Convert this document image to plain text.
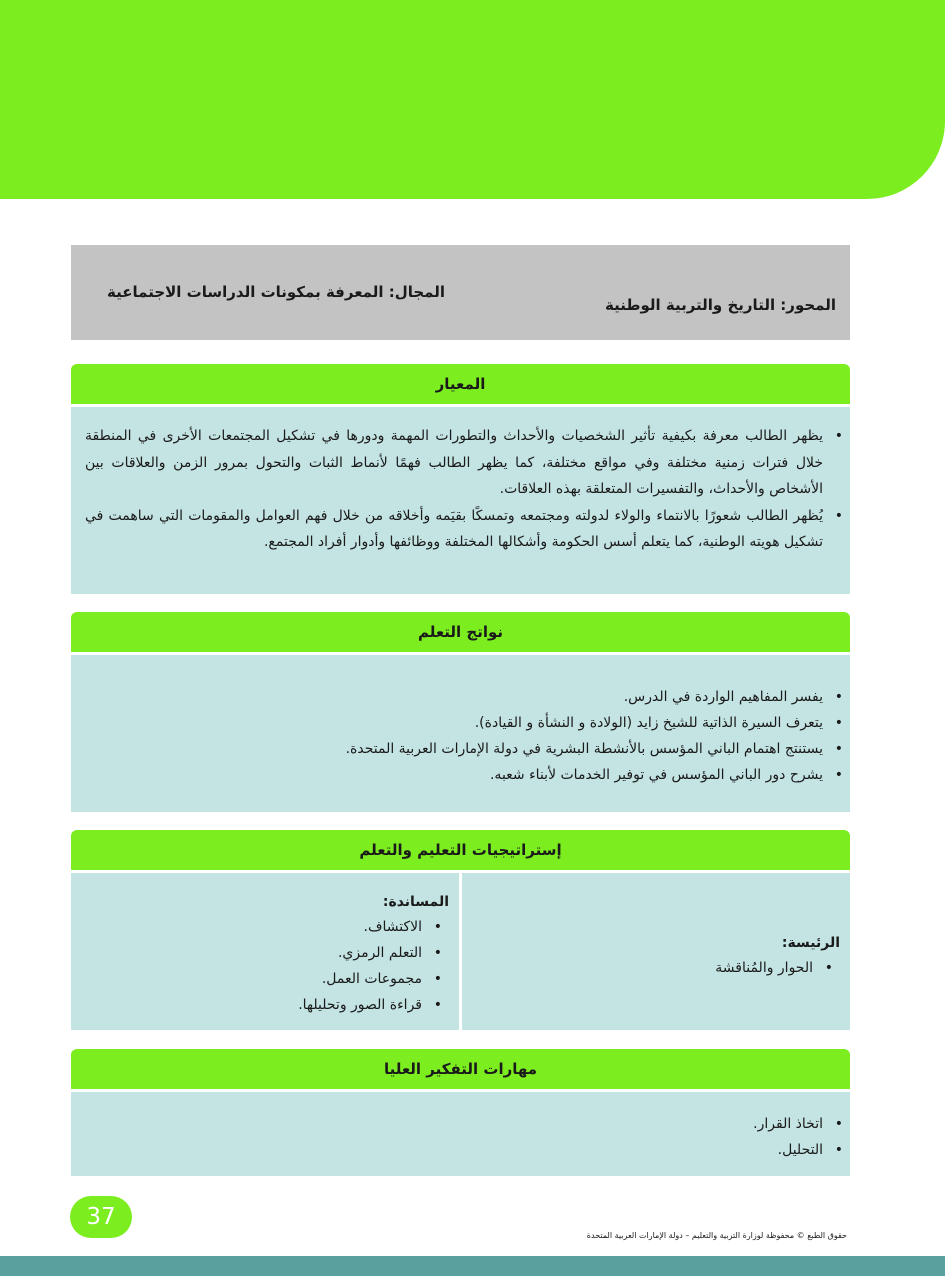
المجال: المعرفة بمكونات الدراسات الاجتماعية
المحور: التاريخ والتربية الوطنية
المعيار
• يظهر الطالب معرفة بكيفية تأثير الشخصيات والأحداث والتطورات المهمة ودورها في تشكيل المجتمعات الأخرى في المنطقة خلال فترات زمنية مختلفة وفي مواقع مختلفة، كما يظهر الطالب فهمًا لأنماط الثبات والتحول بمرور الزمن والعلاقات بين الأشخاص والأحداث، والتفسيرات المتعلقة بهذه العلاقات.
• يُظهر الطالب شعورًا بالانتماء والولاء لدولته ومجتمعه وتمسكًا بقيَمه وأخلاقه من خلال فهم العوامل والمقومات التي ساهمت في تشكيل هويته الوطنية، كما يتعلم أسس الحكومة وأشكالها المختلفة ووظائفها وأدوار أفراد المجتمع.
نواتج التعلم
• يفسر المفاهيم الواردة في الدرس.
• يتعرف السيرة الذاتية للشيخ زايد (الولادة و النشأة و القيادة).
• يستنتج اهتمام الباني المؤسس بالأنشطة البشرية في دولة الإمارات العربية المتحدة.
• يشرح دور الباني المؤسس في توفير الخدمات لأبناء شعبه.
إستراتيجيات التعليم والتعلم
الرئيسة:
• الحوار والمُناقشة
المساندة:
• الاكتشاف.
• التعلم الرمزي.
• مجموعات العمل.
• قراءة الصور وتحليلها.
مهارات التفكير العليا
• اتخاذ القرار.
• التحليل.
37
حقوق الطبع © محفوظة لوزارة التربية والتعليم – دولة الإمارات العربية المتحدة
